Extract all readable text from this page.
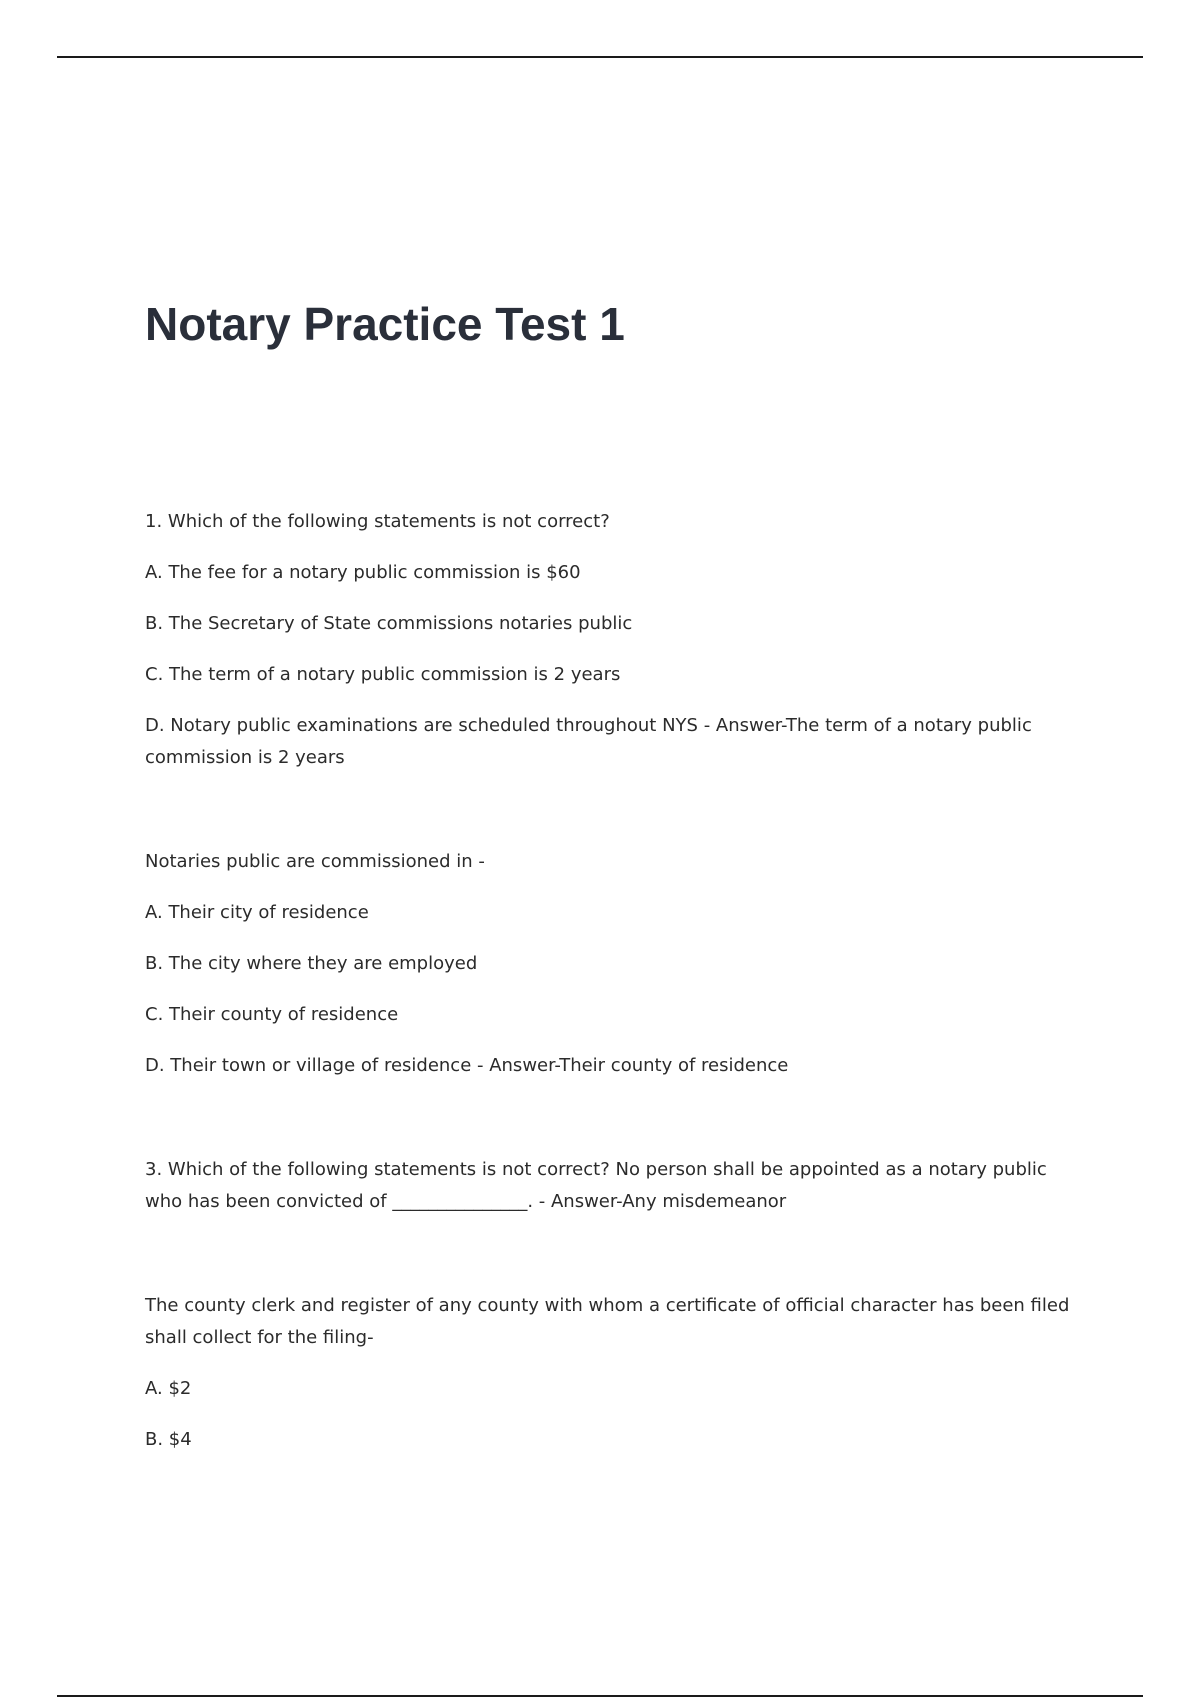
Notary Practice Test 1

1. Which of the following statements is not correct?

A. The fee for a notary public commission is $60

B. The Secretary of State commissions notaries public

C. The term of a notary public commission is 2 years

D. Notary public examinations are scheduled throughout NYS - Answer-The term of a notary public commission is 2 years

Notaries public are commissioned in -

A. Their city of residence

B. The city where they are employed

C. Their county of residence

D. Their town or village of residence - Answer-Their county of residence

3. Which of the following statements is not correct? No person shall be appointed as a notary public who has been convicted of _______________. - Answer-Any misdemeanor

The county clerk and register of any county with whom a certificate of official character has been filed shall collect for the filing-

A. $2

B. $4
